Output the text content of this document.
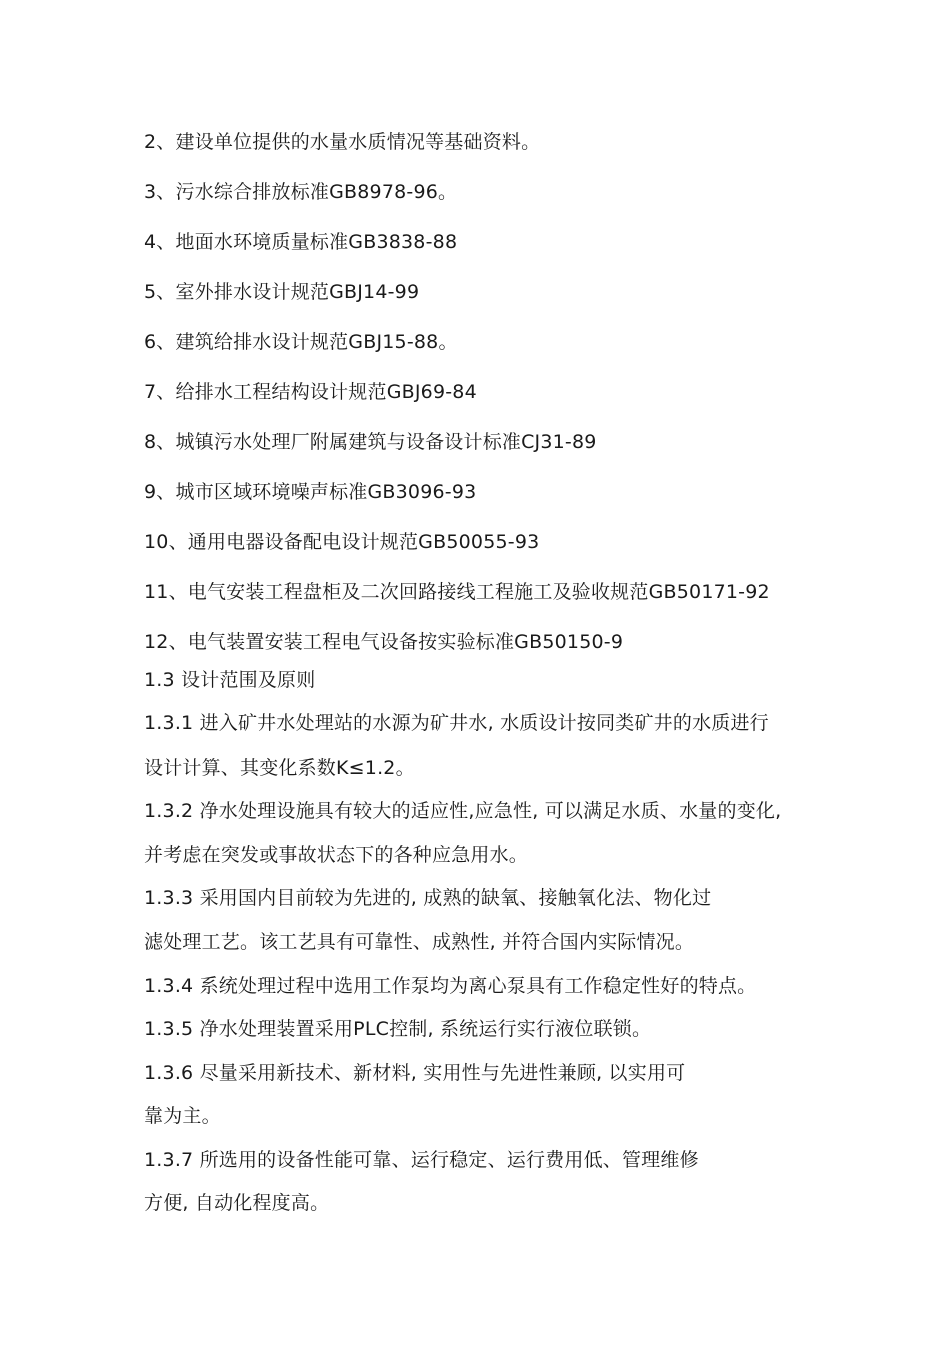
2、建设单位提供的水量水质情况等基础资料。
3、污水综合排放标准GB8978-96。
4、地面水环境质量标准GB3838-88
5、室外排水设计规范GBJ14-99
6、建筑给排水设计规范GBJ15-88。
7、给排水工程结构设计规范GBJ69-84
8、城镇污水处理厂附属建筑与设备设计标准CJ31-89
9、城市区域环境噪声标准GB3096-93
10、通用电器设备配电设计规范GB50055-93
11、电气安装工程盘柜及二次回路接线工程施工及验收规范GB50171-92
12、电气装置安装工程电气设备按实验标准GB50150-9
1.3 设计范围及原则
1.3.1 进入矿井水处理站的水源为矿井水, 水质设计按同类矿井的水质进行
设计计算、其变化系数K≤1.2。
1.3.2 净水处理设施具有较大的适应性,应急性, 可以满足水质、水量的变化,
并考虑在突发或事故状态下的各种应急用水。
1.3.3 采用国内目前较为先进的, 成熟的缺氧、接触氧化法、物化过
滤处理工艺。该工艺具有可靠性、成熟性, 并符合国内实际情况。
1.3.4 系统处理过程中选用工作泵均为离心泵具有工作稳定性好的特点。
1.3.5 净水处理装置采用PLC控制, 系统运行实行液位联锁。
1.3.6 尽量采用新技术、新材料, 实用性与先进性兼顾, 以实用可
靠为主。
1.3.7 所选用的设备性能可靠、运行稳定、运行费用低、管理维修
方便, 自动化程度高。
